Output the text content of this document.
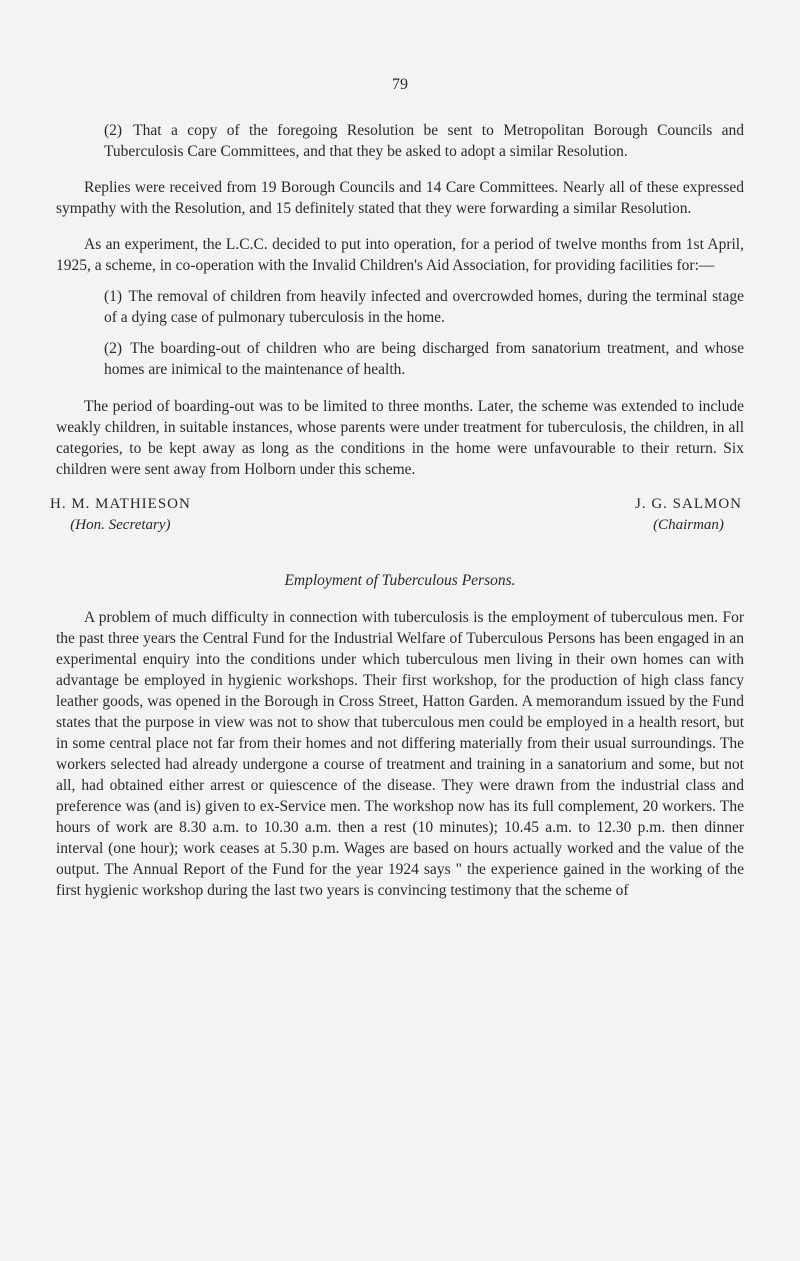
79

(2) That a copy of the foregoing Resolution be sent to Metropolitan Borough Councils and Tuberculosis Care Committees, and that they be asked to adopt a similar Resolution.

Replies were received from 19 Borough Councils and 14 Care Committees. Nearly all of these expressed sympathy with the Resolution, and 15 definitely stated that they were forwarding a similar Resolution.

As an experiment, the L.C.C. decided to put into operation, for a period of twelve months from 1st April, 1925, a scheme, in co-operation with the Invalid Children's Aid Association, for providing facilities for:—

(1) The removal of children from heavily infected and overcrowded homes, during the terminal stage of a dying case of pulmonary tuberculosis in the home.

(2) The boarding-out of children who are being discharged from sanatorium treatment, and whose homes are inimical to the maintenance of health.

The period of boarding-out was to be limited to three months. Later, the scheme was extended to include weakly children, in suitable instances, whose parents were under treatment for tuberculosis, the children, in all categories, to be kept away as long as the conditions in the home were unfavourable to their return. Six children were sent away from Holborn under this scheme.

H. M. MATHIESON
(Hon. Secretary)
J. G. SALMON
(Chairman)

Employment of Tuberculous Persons.

A problem of much difficulty in connection with tuberculosis is the employment of tuberculous men. For the past three years the Central Fund for the Industrial Welfare of Tuberculous Persons has been engaged in an experimental enquiry into the conditions under which tuberculous men living in their own homes can with advantage be employed in hygienic workshops. Their first workshop, for the production of high class fancy leather goods, was opened in the Borough in Cross Street, Hatton Garden. A memorandum issued by the Fund states that the purpose in view was not to show that tuberculous men could be employed in a health resort, but in some central place not far from their homes and not differing materially from their usual surroundings. The workers selected had already undergone a course of treatment and training in a sanatorium and some, but not all, had obtained either arrest or quiescence of the disease. They were drawn from the industrial class and preference was (and is) given to ex-Service men. The workshop now has its full complement, 20 workers. The hours of work are 8.30 a.m. to 10.30 a.m. then a rest (10 minutes); 10.45 a.m. to 12.30 p.m. then dinner interval (one hour); work ceases at 5.30 p.m. Wages are based on hours actually worked and the value of the output. The Annual Report of the Fund for the year 1924 says " the experience gained in the working of the first hygienic workshop during the last two years is convincing testimony that the scheme of
